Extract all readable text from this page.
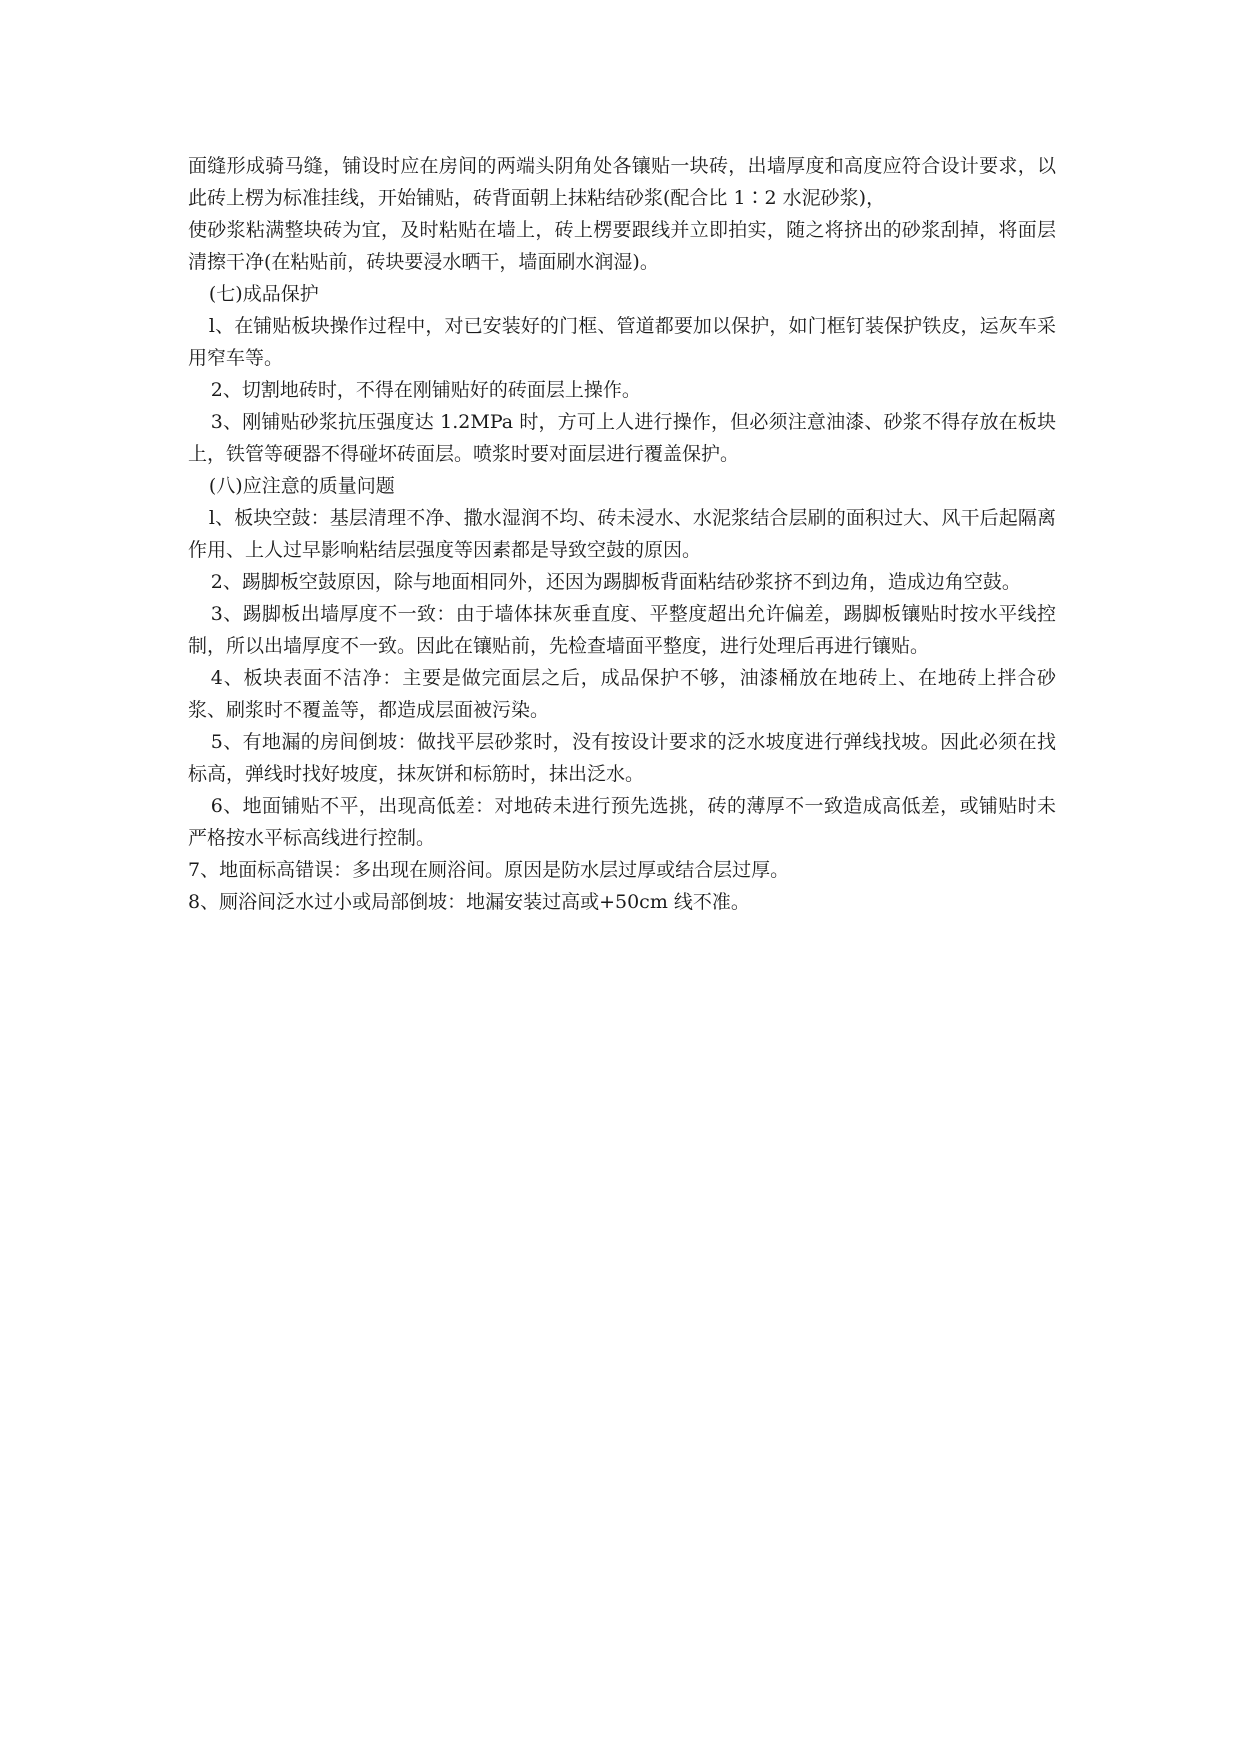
面缝形成骑马缝，铺设时应在房间的两端头阴角处各镶贴一块砖，出墙厚度和高度应符合设计要求，以此砖上楞为标准挂线，开始铺贴，砖背面朝上抹粘结砂浆(配合比 1∶2 水泥砂浆)，

使砂浆粘满整块砖为宜，及时粘贴在墙上，砖上楞要跟线并立即拍实，随之将挤出的砂浆刮掉，将面层清擦干净(在粘贴前，砖块要浸水晒干，墙面刷水润湿)。

(七)成品保护

l、在铺贴板块操作过程中，对已安装好的门框、管道都要加以保护，如门框钉装保护铁皮，运灰车采用窄车等。

2、切割地砖时，不得在刚铺贴好的砖面层上操作。

3、刚铺贴砂浆抗压强度达 1.2MPa 时，方可上人进行操作，但必须注意油漆、砂浆不得存放在板块上，铁管等硬器不得碰坏砖面层。喷浆时要对面层进行覆盖保护。

(八)应注意的质量问题

l、板块空鼓：基层清理不净、撒水湿润不均、砖未浸水、水泥浆结合层刷的面积过大、风干后起隔离作用、上人过早影响粘结层强度等因素都是导致空鼓的原因。

2、踢脚板空鼓原因，除与地面相同外，还因为踢脚板背面粘结砂浆挤不到边角，造成边角空鼓。

3、踢脚板出墙厚度不一致：由于墙体抹灰垂直度、平整度超出允许偏差，踢脚板镶贴时按水平线控制，所以出墙厚度不一致。因此在镶贴前，先检查墙面平整度，进行处理后再进行镶贴。

4、板块表面不洁净：主要是做完面层之后，成品保护不够，油漆桶放在地砖上、在地砖上拌合砂浆、刷浆时不覆盖等，都造成层面被污染。

5、有地漏的房间倒坡：做找平层砂浆时，没有按设计要求的泛水坡度进行弹线找坡。因此必须在找标高，弹线时找好坡度，抹灰饼和标筋时，抹出泛水。

6、地面铺贴不平，出现高低差：对地砖未进行预先选挑，砖的薄厚不一致造成高低差，或铺贴时未严格按水平标高线进行控制。

7、地面标高错误：多出现在厕浴间。原因是防水层过厚或结合层过厚。

8、厕浴间泛水过小或局部倒坡：地漏安装过高或+50cm 线不准。
